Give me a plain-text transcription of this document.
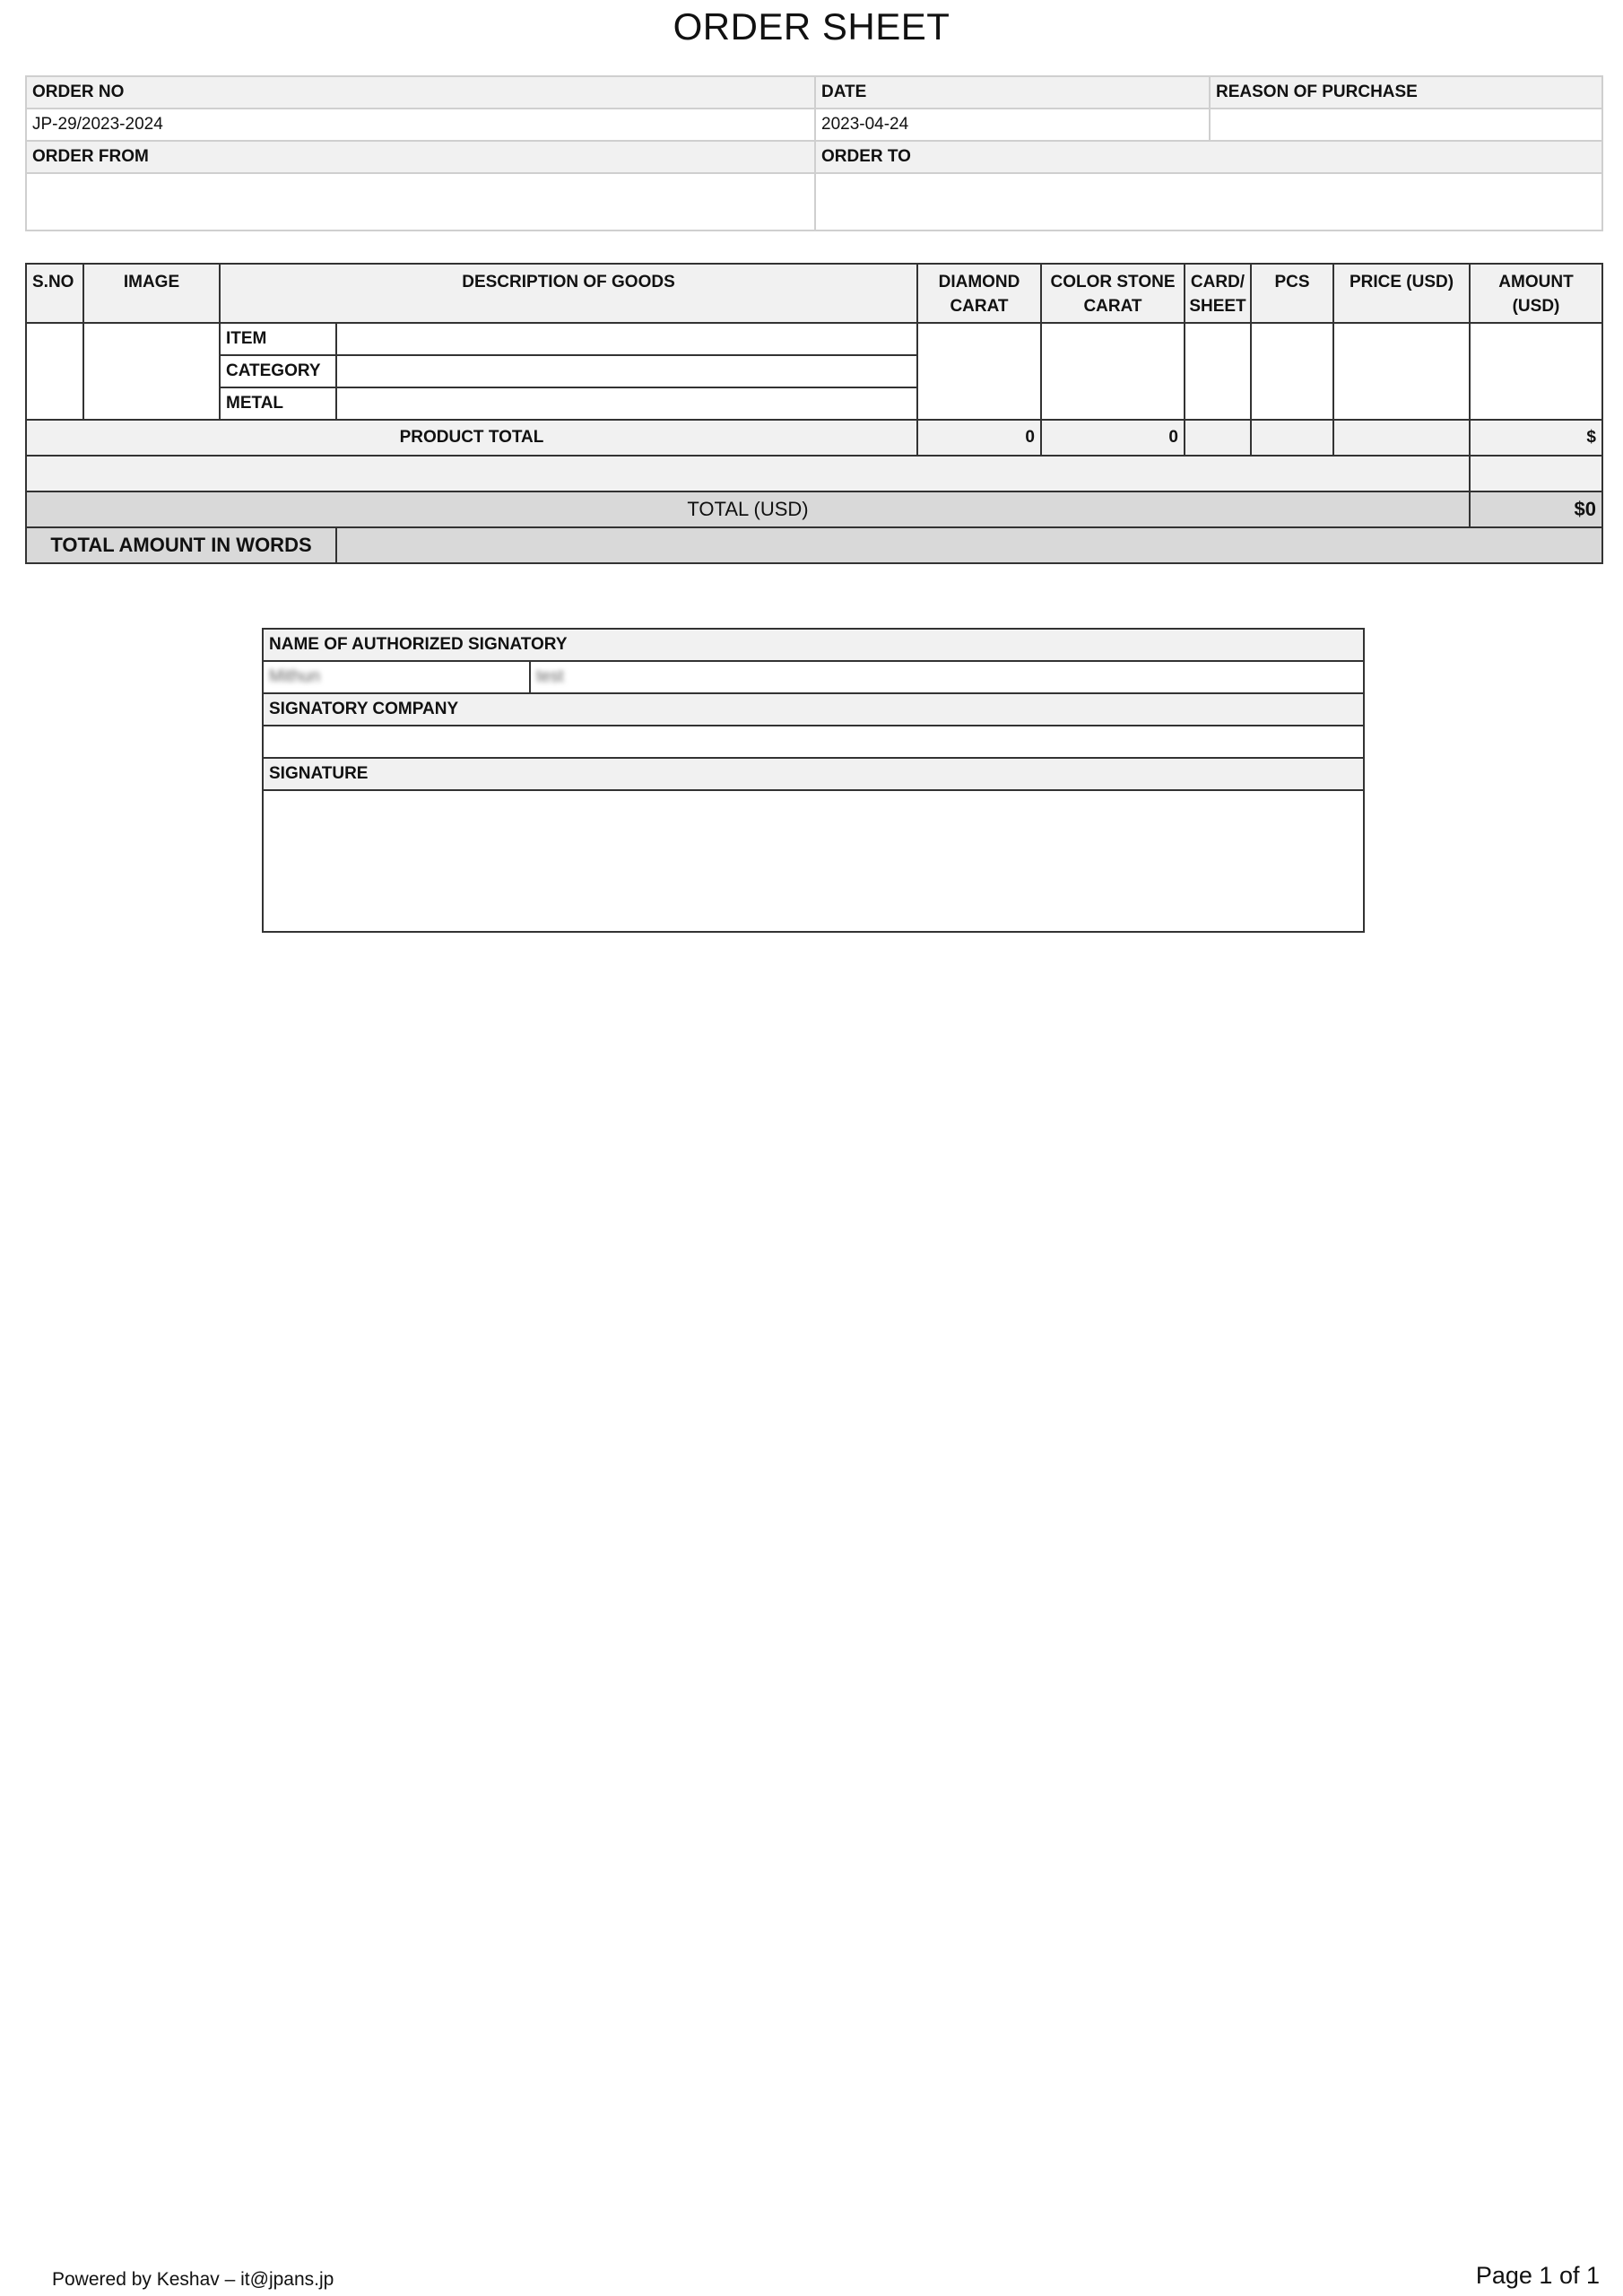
ORDER SHEET
ORDER NO	DATE	REASON OF PURCHASE
JP-29/2023-2024	2023-04-24	
ORDER FROM	ORDER TO	

S.NO	IMAGE	DESCRIPTION OF GOODS		DIAMOND CARAT	COLOR STONE CARAT	CARD/ SHEET	PCS	PRICE (USD)	AMOUNT (USD)	
		ITEM								
		CATEGORY								
		METAL								
PRODUCT TOTAL				0	0				$	

TOTAL (USD)									$0	
TOTAL AMOUNT IN WORDS										
NAME OF AUTHORIZED SIGNATORY
Mithun	test
SIGNATORY COMPANY

SIGNATURE

Powered by Keshav – it@jpans.jp	Page 1 of 1
